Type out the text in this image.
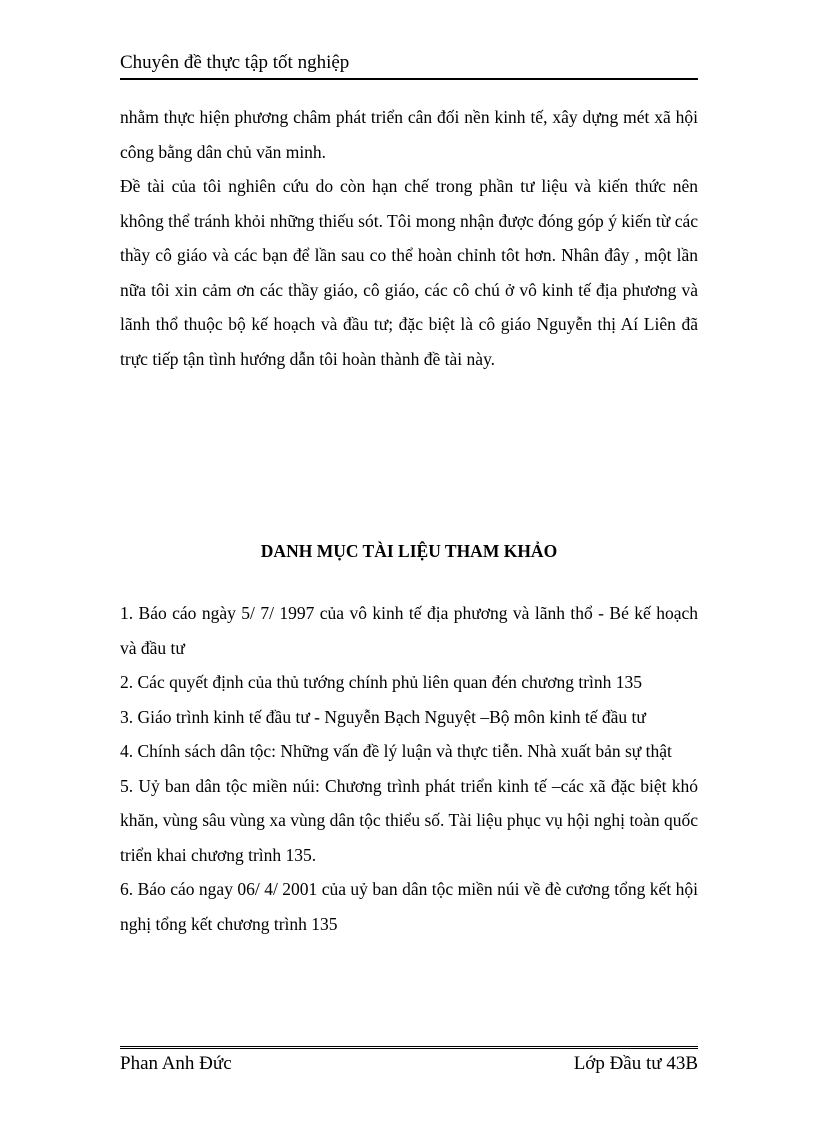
Chuyên đề thực tập tốt nghiệp

nhằm thực hiện phương châm phát triển cân đối nền kinh tế, xây dựng mét xã hội công bằng dân chủ văn minh.

Đề tài của tôi nghiên cứu do còn hạn chế trong phần tư liệu và kiến thức nên không thể tránh khỏi những thiếu sót. Tôi mong nhận được đóng góp ý kiến từ các thầy cô giáo và các bạn để lần sau co thể hoàn chỉnh tôt hơn. Nhân đây , một lần nữa tôi xin cảm ơn các thầy giáo, cô giáo, các cô chú ở vô kinh tế địa phương và lãnh thổ thuộc bộ kế hoạch và đầu tư; đặc biệt là cô giáo Nguyễn thị Aí Liên đã trực tiếp tận tình hướng dẫn tôi hoàn thành đề tài này.

DANH MỤC TÀI LIỆU THAM KHẢO

1. Báo cáo ngày 5/ 7/ 1997 của vô kinh tế địa phương và lãnh thổ - Bé kế hoạch và đầu tư

2. Các quyết định của thủ tướng chính phủ liên quan đén chương trình 135

3. Giáo trình kinh tế đầu tư - Nguyễn Bạch Nguyệt –Bộ môn kinh tế đầu tư

4. Chính sách dân tộc: Những vấn đề lý luận và thực tiễn. Nhà xuất bản sự thật

5. Uỷ ban dân tộc miền núi: Chương trình phát triển kinh tế –các xã đặc biệt khó khăn, vùng sâu vùng xa vùng dân tộc thiểu số. Tài liệu phục vụ hội nghị toàn quốc triển khai chương trình 135.

6. Báo cáo ngay 06/ 4/ 2001 của uỷ ban dân tộc miền núi về đè cương tổng kết hội nghị tổng kết chương trình 135

Phan Anh Đức	Lớp Đầu tư 43B
